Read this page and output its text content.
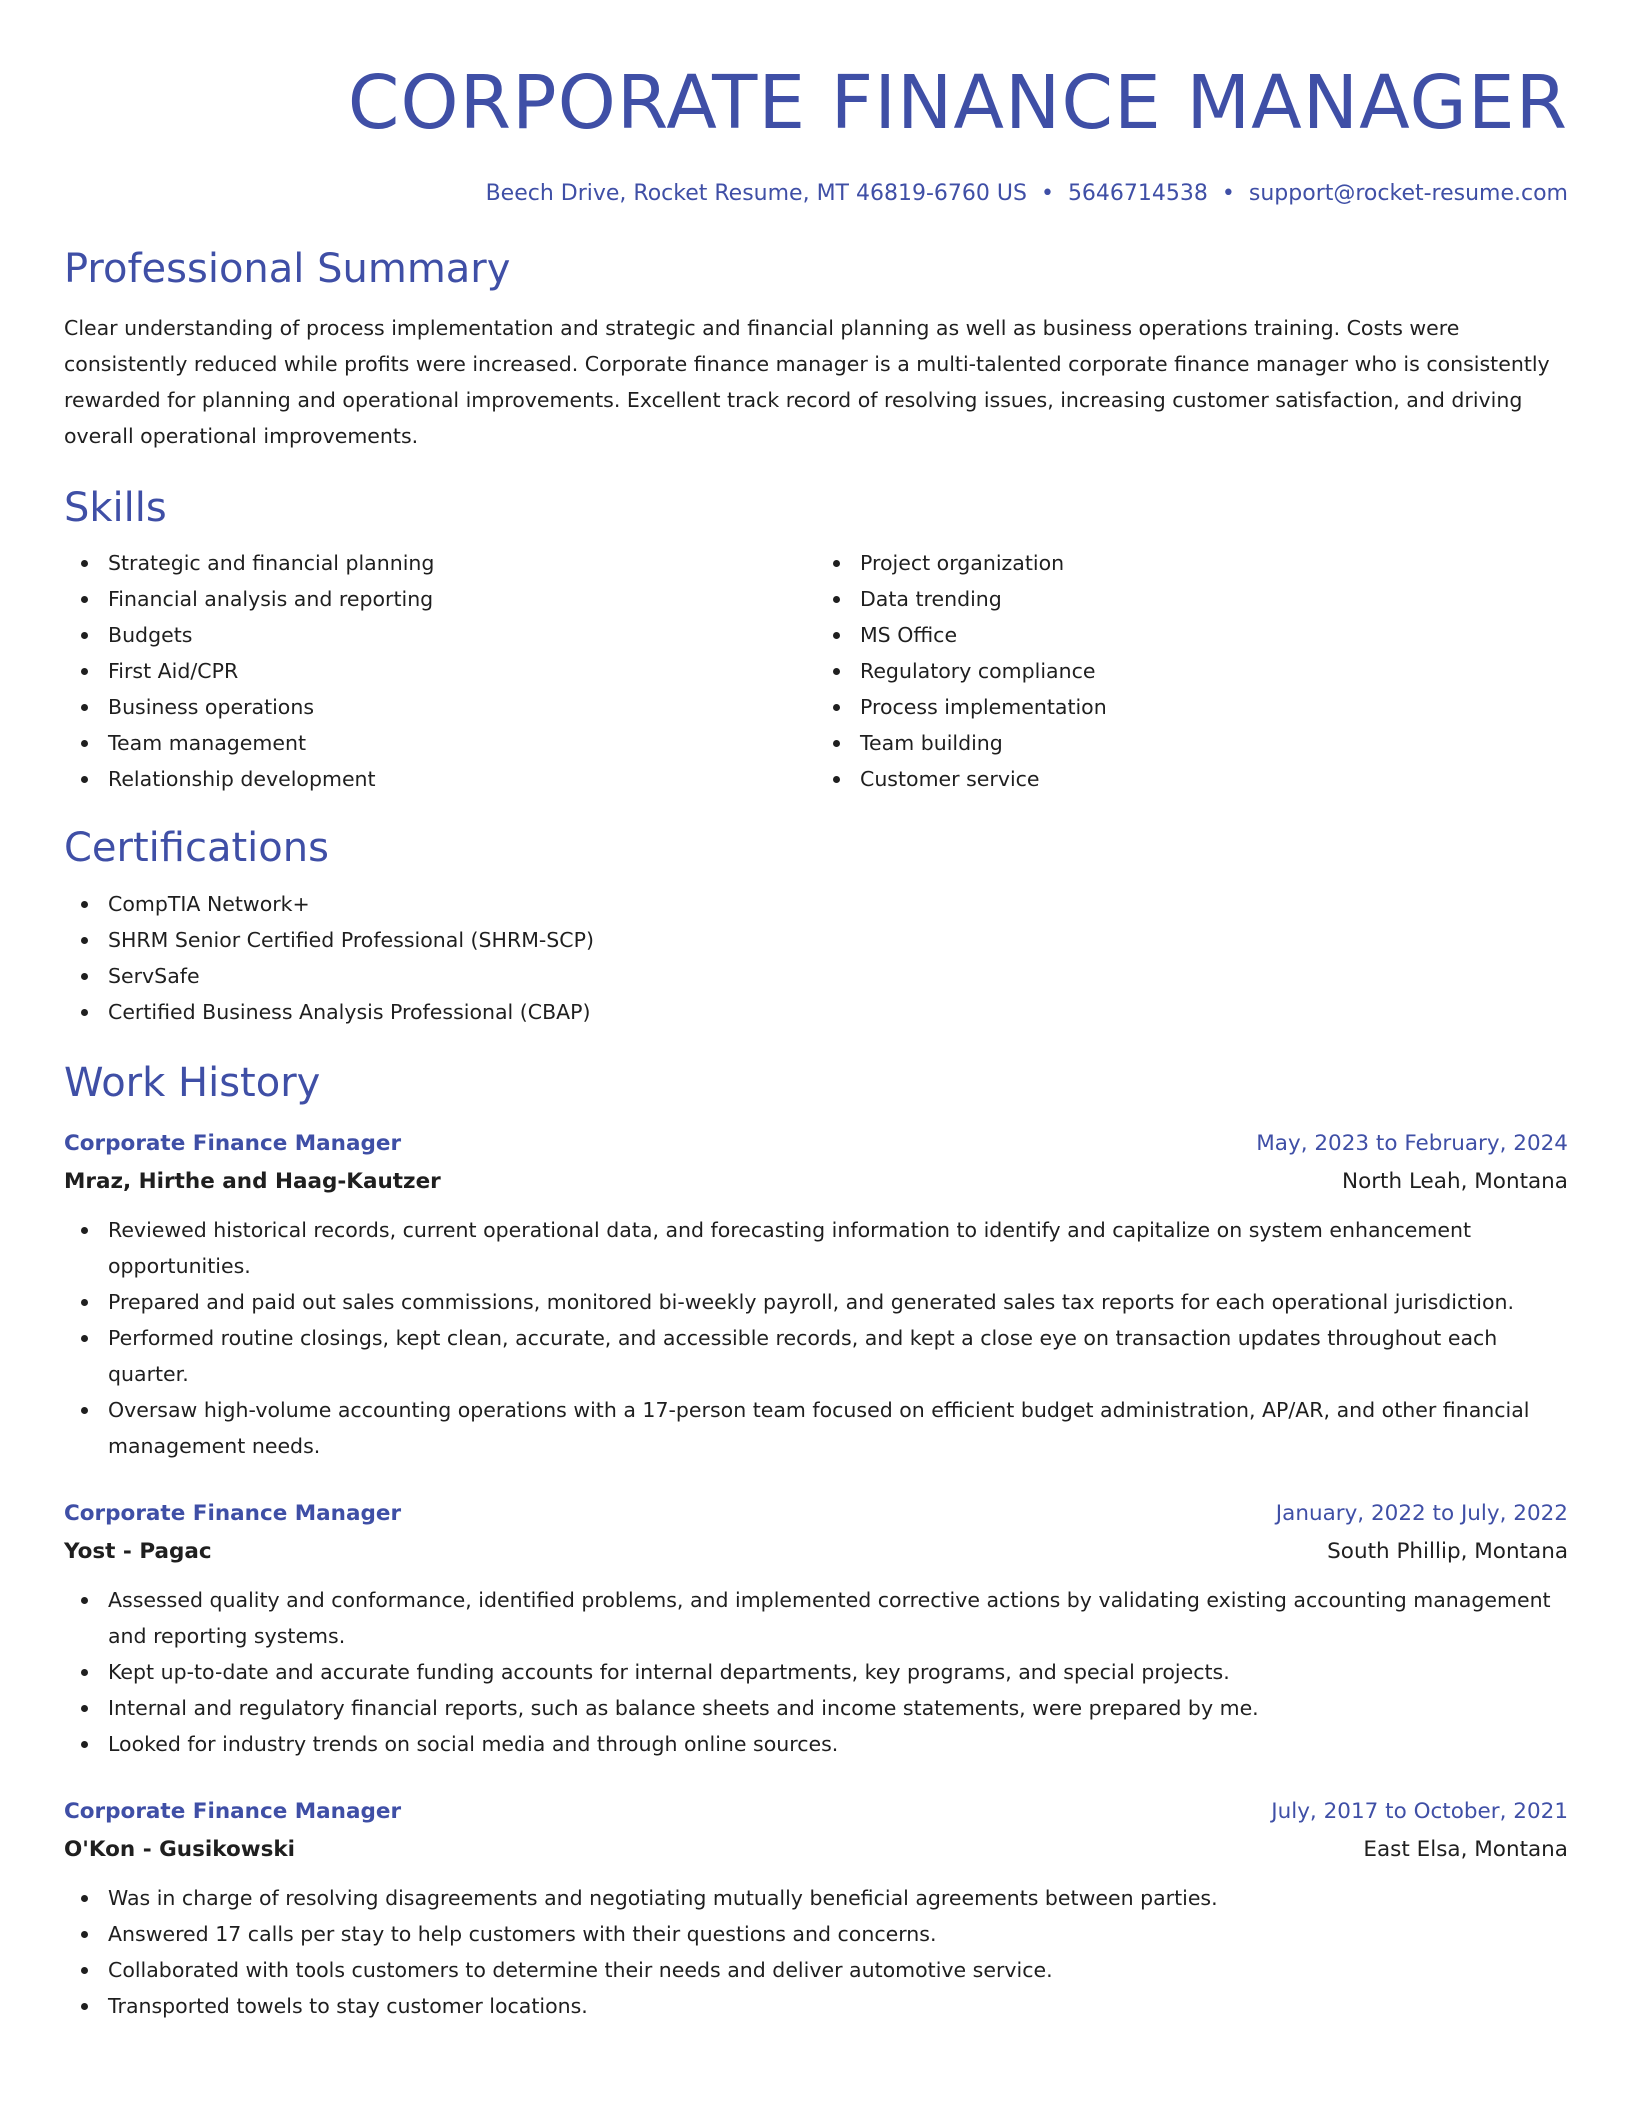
CORPORATE FINANCE MANAGER
Beech Drive, Rocket Resume, MT 46819-6760 US • 5646714538 • support@rocket-resume.com
Professional Summary

Clear understanding of process implementation and strategic and financial planning as well as business operations training. Costs were consistently reduced while profits were increased. Corporate finance manager is a multi-talented corporate finance manager who is consistently rewarded for planning and operational improvements. Excellent track record of resolving issues, increasing customer satisfaction, and driving overall operational improvements.

Skills
Strategic and financial planning
Financial analysis and reporting
Budgets
First Aid/CPR
Business operations
Team management
Relationship development
Project organization
Data trending
MS Office
Regulatory compliance
Process implementation
Team building
Customer service
Certifications
CompTIA Network+
SHRM Senior Certified Professional (SHRM-SCP)
ServSafe
Certified Business Analysis Professional (CBAP)
Work History
Corporate Finance Manager	May, 2023 to February, 2024
Mraz, Hirthe and Haag-Kautzer	North Leah, Montana
Reviewed historical records, current operational data, and forecasting information to identify and capitalize on system enhancement opportunities.
Prepared and paid out sales commissions, monitored bi-weekly payroll, and generated sales tax reports for each operational jurisdiction.
Performed routine closings, kept clean, accurate, and accessible records, and kept a close eye on transaction updates throughout each quarter.
Oversaw high-volume accounting operations with a 17-person team focused on efficient budget administration, AP/AR, and other financial management needs.
Corporate Finance Manager	January, 2022 to July, 2022
Yost - Pagac	South Phillip, Montana
Assessed quality and conformance, identified problems, and implemented corrective actions by validating existing accounting management and reporting systems.
Kept up-to-date and accurate funding accounts for internal departments, key programs, and special projects.
Internal and regulatory financial reports, such as balance sheets and income statements, were prepared by me.
Looked for industry trends on social media and through online sources.
Corporate Finance Manager	July, 2017 to October, 2021
O'Kon - Gusikowski	East Elsa, Montana
Was in charge of resolving disagreements and negotiating mutually beneficial agreements between parties.
Answered 17 calls per stay to help customers with their questions and concerns.
Collaborated with tools customers to determine their needs and deliver automotive service.
Transported towels to stay customer locations.
